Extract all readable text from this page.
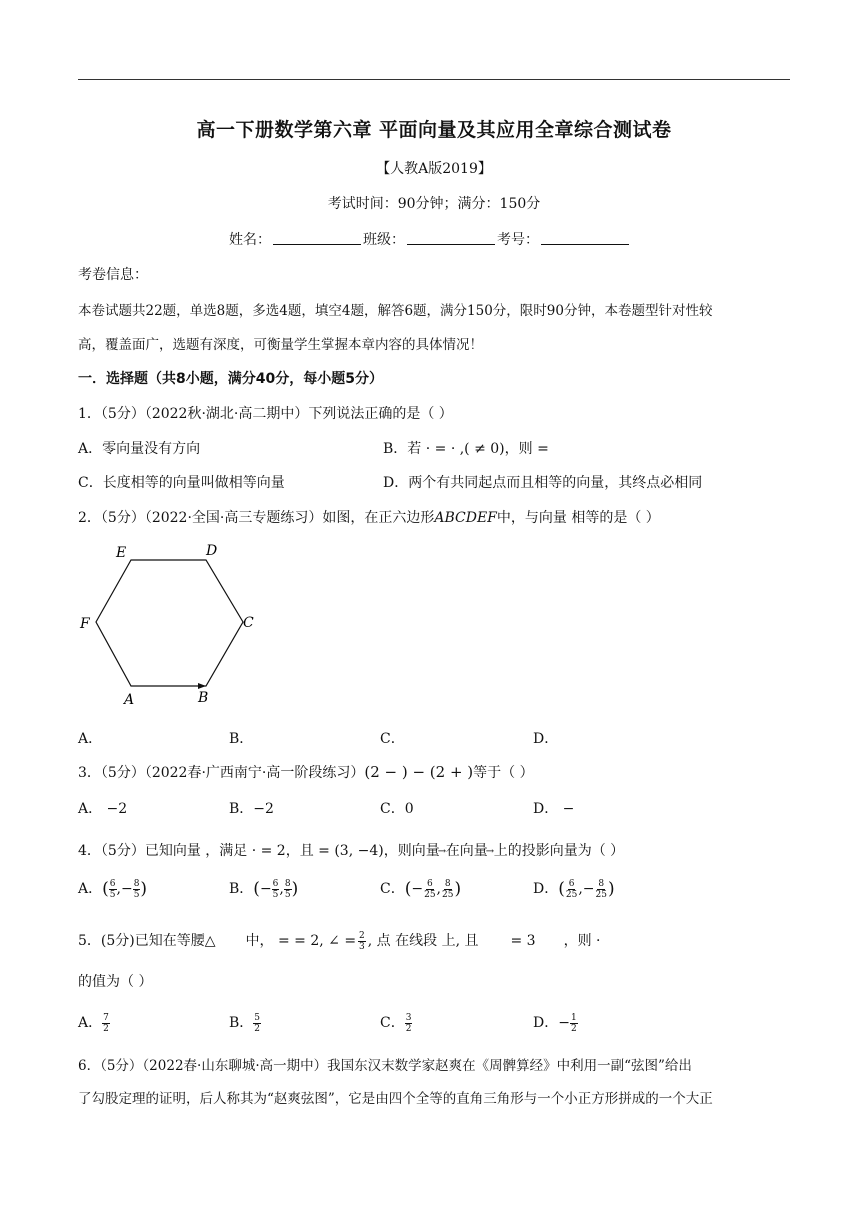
高一下册数学第六章 平面向量及其应用全章综合测试卷
【人教A版2019】
考试时间：90分钟；满分：150分
姓名：	班级：	考号：
考卷信息：
本卷试题共22题，单选8题，多选4题，填空4题，解答6题，满分150分，限时90分钟，本卷题型针对性较
高，覆盖面广，选题有深度，可衡量学生掌握本章内容的具体情况！
一．选择题（共8小题，满分40分，每小题5分）
1．（5分）（2022秋·湖北·高二期中）下列说法正确的是（ ）
A．零向量没有方向	B．若 · = · ,( ≠ 0)，则 =
C．长度相等的向量叫做相等向量	D．两个有共同起点而且相等的向量，其终点必相同
2．（5分）（2022·全国·高三专题练习）如图，在正六边形ABCDEF中，与向量 相等的是（ ）
E	D
F	C
A	B
A．	B．	C．	D．
3．（5分）（2022春·广西南宁·高一阶段练习）(2 − ) − (2 + )等于（ ）
A． −2	B．−2	C．0	D． −
4．（5分）已知向量 ，满足 · = 2，且 = (3, −4)，则向量
→ 在向量
→ 上的投影向量为（ ）
A．( $\frac{6}{5}$ ,− $\frac{8}{5}$ )	B．(− $\frac{6}{5}$ , $\frac{8}{5}$ )	C．(− $\frac{6}{25}$ , $\frac{8}{25}$ )	D．( $\frac{6}{25}$ ,− $\frac{8}{25}$ )
5．(5分)已知在等腰△ 中， = = 2, ∠ = $\frac{2}{3}$ , 点 在线段 上, 且 = 3 ，则 ·
的值为（ ）
A． $\frac{7}{2}$	B． $\frac{5}{2}$	C． $\frac{3}{2}$	D．− $\frac{1}{2}$
6．（5分）（2022春·山东聊城·高一期中）我国东汉末数学家赵爽在《周髀算经》中利用一副“弦图”给出
了勾股定理的证明，后人称其为“赵爽弦图”，它是由四个全等的直角三角形与一个小正方形拼成的一个大正
